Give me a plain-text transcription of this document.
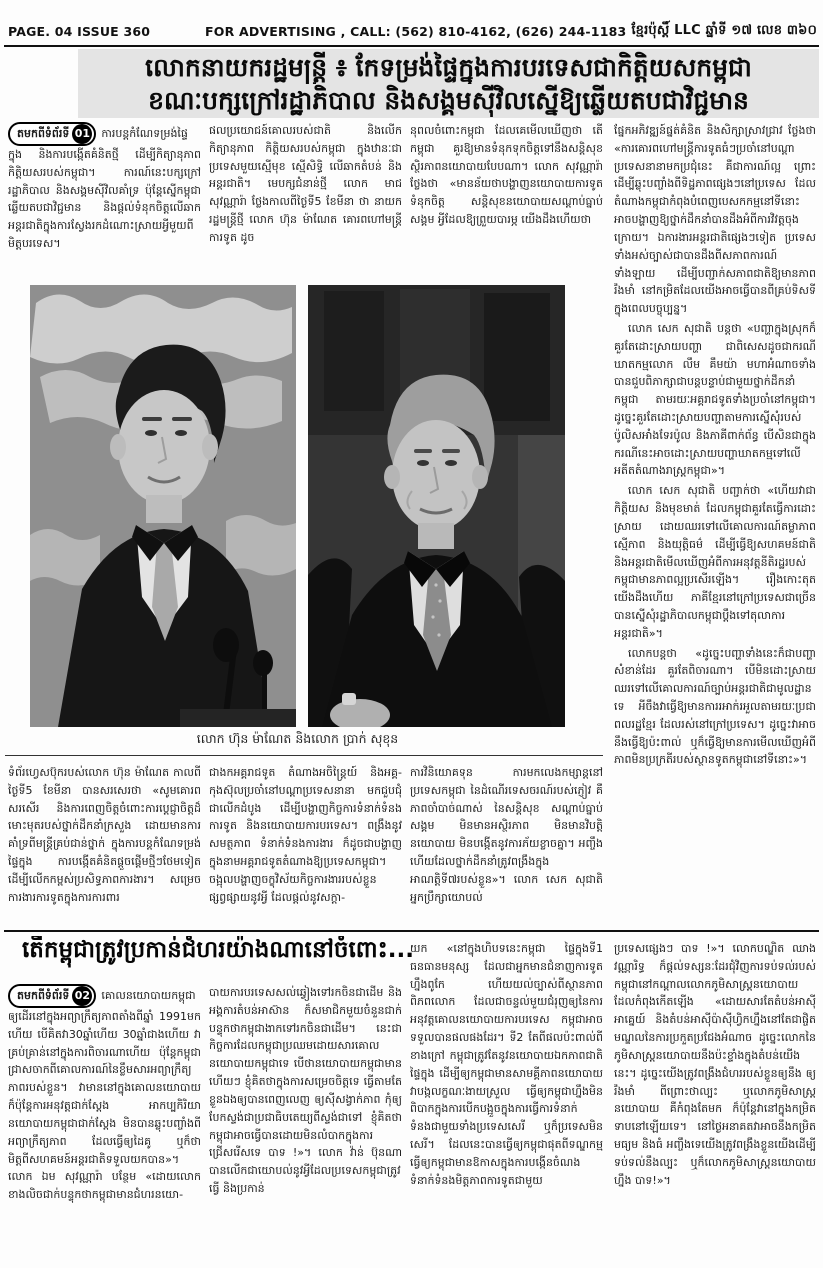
PAGE. 04 ISSUE 360	FOR ADVERTISING , CALL: (562) 810-4162, (626) 244-1183 ខ្មែរប៉ុស្តិ៍ LLC ឆ្នាំទី ១៧ លេខ ៣៦០
លោកនាយករដ្ឋមន្ត្រី ៖ កែទម្រង់ផ្ទៃក្នុងការបរទេសជាកិត្តិយសកម្ពុជា
ខណៈបក្សក្រៅរដ្ឋាភិបាល និងសង្គមស៊ីវិលស្នើឱ្យឆ្លើយតបជាវិជ្ជមាន

តមកពីទំព័រទី 01 ការបន្តកំណែទម្រង់ផ្ទៃក្នុង និងការបង្កើតគំនិតថ្មី ដើម្បីកិត្យានុភាព កិត្តិយសរបស់កម្ពុជា។ ការណ៍នេះបក្សក្រៅរដ្ឋាភិបាល និងសង្គមស៊ីវិលគាំទ្រ ប៉ុន្តែស្នើកម្ពុជាឆ្លើយតបជាវិជ្ជមាន និងផ្តល់ទំនុកចិត្តលើឆាកអន្តរជាតិក្នុងការស្វែងរកដំណោះស្រាយអ្វីមួយពីមិត្តបរទេស។

ផលប្រយោជន៍គោលរបស់ជាតិ និងលើកកិត្យានុភាព កិត្តិយសរបស់កម្ពុជា ក្នុងឋានៈជាប្រទេសមួយស្មើមុខ ស្មើសិទ្ធិ លើឆាកតំបន់ និងអន្តរជាតិ។ មេបក្សជំនាន់ថ្មី លោក មាជ សុវណ្ណារ៉ា ថ្លែងកាលពីថ្ងៃទី5 ខែមីនា ថា នាយករដ្ឋមន្ត្រីថ្មី លោក ហ៊ុន ម៉ាណែត គោរពហៅមន្ត្រីការទូត ដូច

នុពលចំពោះកម្ពុជា ដែលគេមើលឃើញថា តើកម្ពុជា គួរឱ្យមានទំនុកទុកចិត្តទៅនឹងសន្តិសុខ ស្ថិរភាពនយោបាយបែបណា។ លោក សុវណ្ណារ៉ា ថ្លែងថា «មានន័យថាបង្ហាញនយោបាយការទូតទំនុកចិត្ត សន្តិសុខនយោបាយសណ្តាប់ធ្នាប់សង្គម អ្វីដែលឱ្យព្រួយបារម្ភ យើងដឹងហើយថា

ផ្នែកអភិវឌ្ឍន៍ផ្នត់គំនិត និងសិក្សាស្រាវជ្រាវ ថ្លែងថា «ការគោរពហៅមន្ត្រីការទូតធំៗប្រចាំនៅបណ្តាប្រទេសនានាមកប្រជុំនេះ គឺជាការណ៍ល្អ ព្រោះដើម្បីឆ្លុះបញ្ចាំងពីទិដ្ឋភាពផ្សេងៗនៅប្រទេស ដែលតំណាងកម្ពុជាកំពុងបំពេញបេសកកម្មនៅទីនោះ អាចបង្ហាញឱ្យថ្នាក់ដឹកនាំបានដឹងអំពីការវិវត្តចុងក្រោយ។ ឯការងារអន្តរជាតិផ្សេងៗទៀត ប្រទេសទាំងអស់ច្បាស់ជាបានដឹងពីសភាពការណ៍ទាំងឡាយ ដើម្បីបញ្ជាក់សភាពជាតិឱ្យមានភាពរឹងមាំ នៅកម្រិតដែលយើងអាចធ្វើបានពីគ្រប់ទិសទីក្នុងពេលបច្ចុប្បន្ន។

លោក សេក សុជាតិ បន្តថា «បញ្ហាក្នុងស្រុកក៏គួរតែដោះស្រាយបញ្ហា ជាពិសេសដូចជាករណីឃាតកម្មលោក លឹម គឹមយ៉ា មហាអំណាចទាំងបានជួបពិភាក្សាជាបន្តបន្ទាប់ជាមួយថ្នាក់ដឹកនាំកម្ពុជា តាមរយៈអគ្គរាជទូតទាំងប្រចាំនៅកម្ពុជា។ ដូច្នេះគួរតែដោះស្រាយបញ្ហាតាមការស្នើសុំរបស់ប៉ូលិសអាំងទែរប៉ូល និងភាគីពាក់ព័ន្ធ បើសិនជាក្នុងករណីនេះអាចដោះស្រាយបញ្ហាឃាតកម្មទៅលើអតីតតំណាងរាស្ត្រកម្ពុជា»។

លោក សេក សុជាតិ បញ្ជាក់ថា «ហើយវាជាកិត្តិយស និងមុខមាត់ ដែលកម្ពុជាគួរតែធ្វើការដោះស្រាយ ដោយឈរទៅលើគោលការណ៍តម្លាភាព ស្មើភាព និងយុត្តិធម៌ ដើម្បីធ្វើឱ្យសហគមន៍ជាតិ និងអន្តរជាតិមើលឃើញអំពីការអនុវត្តនីតិរដ្ឋរបស់កម្ពុជាមានភាពល្អប្រសើរឡើង។ រឿងកោះតុត យើងដឹងហើយ ភាគីខ្មែរនៅក្រៅប្រទេសជាច្រើនបានស្នើសុំរដ្ឋាភិបាលកម្ពុជាប្តឹងទៅតុលាការអន្តរជាតិ»។

លោកបន្តថា «ដូច្នេះបញ្ហាទាំងនេះក៏ជាបញ្ហាសំខាន់ដែរ គួរតែពិចារណា។ បើមិនដោះស្រាយ ឈរទៅលើគោលការណ៍ច្បាប់អន្តរជាតិជាមូលដ្ឋានទេ អីចឹងវាធ្វើឱ្យមានការរអាក់រអួលតាមរយៈប្រជាពលរដ្ឋខ្មែរ ដែលរស់នៅក្រៅប្រទេស។ ដូច្នេះវាអាចនឹងធ្វើឱ្យប៉ះពាល់ ឬក៏ធ្វើឱ្យមានការមើលឃើញអំពីភាពមិនប្រក្រតីរបស់ស្ថានទូតកម្ពុជានៅទីនោះ»។

លោក ហ៊ុន ម៉ាណែត និងលោក ប្រាក់ សុខុន

ទំព័រហ្វេសប៊ុករបស់លោក ហ៊ុន ម៉ាណែត កាលពីថ្ងៃទី5 ខែមីនា បានសរសេរថា «សូមគោរពសរសើរ និងការពេញចិត្តចំពោះការប្តេជ្ញាចិត្តដ៏មោះមុតរបស់ថ្នាក់ដឹកនាំក្រសួង ដោយមានការគាំទ្រពីមន្ត្រីគ្រប់ជាន់ថ្នាក់ ក្នុងការបន្តកំណែទម្រង់ផ្ទៃក្នុង ការបង្កើតគំនិតផ្តួចផ្តើមថ្មីៗថែមទៀត ដើម្បីលើកកម្ពស់ប្រសិទ្ធភាពការងារ។ សម្រេចការងារការទូតក្នុងការការពារ

ជាងកអគ្គរាជទូត តំណាងអចិន្ត្រៃយ៍ និងអគ្គ-កុងស៊ុលប្រចាំនៅបណ្តាប្រទេសនានា មកជួបជុំជាលើកដំបូង ដើម្បីបង្ហាញកិច្ចការទំនាក់ទំនងការទូត និងនយោបាយការបរទេស។ ពង្រឹងនូវសមត្ថភាព ទំនាក់ទំនងការងារ ក៏ដូចជាបង្ហាញក្នុងនាមអគ្គរាជទូតតំណាងឱ្យប្រទេសកម្ពុជា។ ចង្អុលបង្ហាញចក្ខុវិស័យកិច្ចការងាររបស់ខ្លួនផ្សព្វផ្សាយនូវអ្វី ដែលផ្តល់នូវសក្តា-

ការវិនិយោគទុន ការមកលេងកម្សាន្តនៅប្រទេសកម្ពុជា នៃដំណើរទេសចរណ៍របស់ភ្ញៀវ គឺភាពចាំបាច់ណាស់ នៃសន្តិសុខ សណ្តាប់ធ្នាប់សង្គម មិនមានអស្ថិរភាព មិនមានវិបត្តិនយោបាយ មិនបង្កើតនូវការភ័យខ្លាចគ្នា។ អញ្ចឹងហើយដែលថ្នាក់ដឹកនាំត្រូវពង្រឹងក្នុងអាណត្តិទី៧របស់ខ្លួន»។ លោក សេក សុជាតិ អ្នកប្រឹក្សាយោបល់

តើកម្ពុជាត្រូវប្រកាន់ជំហរយ៉ាងណានៅចំពោះ...

តមកពីទំព័រទី 02 គោលនយោបាយកម្ពុជាឲ្យដើរនៅក្នុងអព្យាក្រឹត្យភាពតាំងពីឆ្នាំ 1991មកហើយ បើគិតវា30ឆ្នាំហើយ 30ឆ្នាំជាងហើយ វាគ្រប់គ្រាន់នៅក្នុងការពិចារណាហើយ ប៉ុន្តែកម្ពុជាជ្រាសចាកពីគោលការណ៍នៃខ្លឹមសារអព្យាក្រឹត្យភាពរបស់ខ្លួន។ វាមាននៅក្នុងគោលនយោបាយ ក៏ប៉ុន្តែការអនុវត្តជាក់ស្តែង អាកប្បកិរិយានយោបាយកម្ពុជាជាក់ស្តែង មិនបានឆ្លុះបញ្ចាំងពីអព្យាក្រឹត្យភាព ដែលធ្វើឲ្យដៃគូ ឬក៏ថាមិត្តពីសហគមន៍អន្តរជាតិទទួលយកបាន»។ លោក ឯម សុវណ្ណារ៉ា បន្ថែម «ដោយលោកខាងលិចជាក់បន្ទុកថាកម្ពុជាមានជំហរនយោ-

បាយការបរទេសសល់ឆ្វៀងទៅរកចិនជាដើម និងអង្គការតំបន់អាស៊ាន ក៏សមាជិកមួយចំនួនជាក់បន្ទុកថាកម្ពុជាងាកទៅរកចិនជាដើម។ នេះជាកិច្ចការដែលកម្ពុជាប្រឈមដោយសារគោលនយោបាយកម្ពុជាទេ បើថានយោបាយកម្ពុជាមានហើយៗ ខ្ញុំគិតថាក្នុងការសម្រេចចិត្តទេ ធ្វើតាមតែខ្លួនឯងឲ្យបានពេញលេញ ឲ្យស៊ីសង្វាក់ភាព កុំឲ្យបែកស្ទង់ជាប្រជាធិបតេយ្យពីស្ទង់ជាទៅ ខ្ញុំគិតថា កម្ពុជាអាចធ្វើបានដោយមិនលំបាកក្នុងការជ្រើសរើសទេ បាទ !»។ លោក វ៉ាន់ ប៊ុនណា បានលើកជាយោបល់នូវអ្វីដែលប្រទេសកម្ពុជាត្រូវធ្វើ និងប្រកាន់

យក «នៅក្នុងហិបទនេះកម្ពុជា ផ្ទៃក្នុងទី1 ធនធានមនុស្ស ដែលជាអ្នកមានជំនាញការទូតហ្នឹងពូកែ ហើយយល់ច្បាស់ពីស្ថានភាពពិភពលោក ដែលជាចន្ទល់មួយជំរុញឲ្យនៃការអនុវត្តគោលនយោបាយការបរទេស កម្ពុជាអាចទទួលបានផលផងដែរ។ ទី2 តែពីផលប៉ះពាល់ពីខាងក្រៅ កម្ពុជាត្រូវតែនូវនយោបាយឯកភាពជាតិផ្ទៃក្នុង ដើម្បីឲ្យកម្ពុជាមានសាមគ្គីភាពនយោបាយ វាបង្កលក្ខណៈងាយស្រួល ធ្វើឲ្យកម្ពុជាហ្នឹងមិនពិបាកក្នុងការបើកបង្អួចក្នុងការធ្វើការទំនាក់ទំនងជាមួយទាំងប្រទេសសេរី ឬក៏ប្រទេសមិនសេរី។ ដែលនេះបានធ្វើឲ្យកម្ពុជាផុតពីទណ្ឌកម្ម ធ្វើឲ្យកម្ពុជាមានឱកាសក្នុងការបង្កើនចំណងទំនាក់ទំនងមិត្តភាពការទូតជាមួយ

ប្រទេសផ្សេងៗ បាទ !»។ លោកបណ្ឌិត ឈាង វណ្ណារិទ្ធ ក៏ផ្តល់ទស្សនៈដែរជុំវិញការទប់ទល់របស់កម្ពុជានៅកណ្តាលលោកភូមិសាស្ត្រនយោបាយដែលកំពុងកើតឡើង «ដោយសារតែតំបន់អាស៊ីអាគ្នេយ៍ និងតំបន់អាស៊ីប៉ាស៊ីហ្វិកហ្នឹងនៅតែជាផ្ចិតមណ្ឌលនៃការប្រកួតប្រជែងអំណាច ដូច្នេះលោកនៃភូមិសាស្ត្រនយោបាយនឹងប៉ះខ្ទាំងក្នុងតំបន់យើងនេះ។ ដូច្នេះយើងត្រូវពង្រឹងជំហររបស់ខ្លួនឲ្យនឹង ឲ្យរឹងមាំ ពីព្រោះថាល្បះ ឬលោកភូមិសាស្ត្រនយោបាយ គឺកំពុងតែមក ក៏ប៉ុន្តែវានៅក្នុងកម្រិតទាបនៅឡើយទេ។ នៅថ្ងៃអនាគតវាអាចនឹងកម្រិតមធ្យម និងធំ អញ្ចឹងទេយើងត្រូវពង្រឹងខ្លួនយើងដើម្បីទប់ទល់នឹងល្បះ ឬក៏លោកភូមិសាស្ត្រនយោបាយហ្នឹង បាទ!»។
